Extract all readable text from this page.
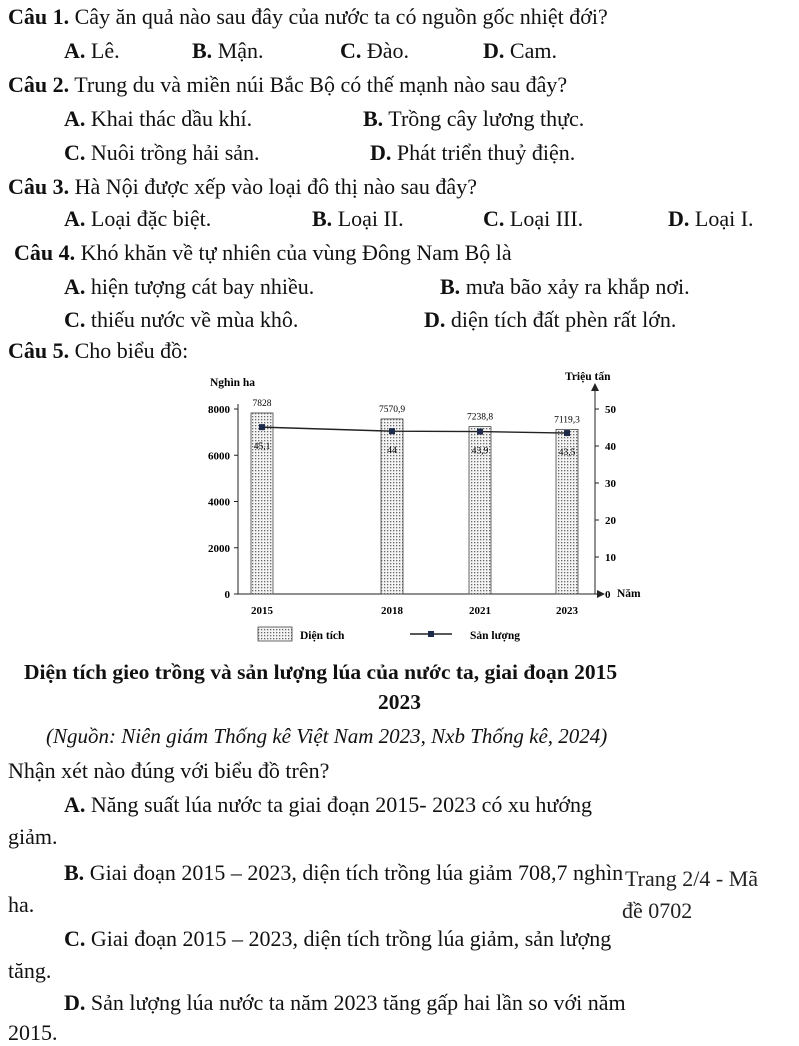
Câu 1. Cây ăn quả nào sau đây của nước ta có nguồn gốc nhiệt đới?
A. Lê.	B. Mận.	C. Đào.	D. Cam.
Câu 2. Trung du và miền núi Bắc Bộ có thế mạnh nào sau đây?
A. Khai thác dầu khí.	B. Trồng cây lương thực.
C. Nuôi trồng hải sản.	D. Phát triển thuỷ điện.
Câu 3. Hà Nội được xếp vào loại đô thị nào sau đây?
A. Loại đặc biệt.	B. Loại II.	C. Loại III.	D. Loại I.
Câu 4. Khó khăn về tự nhiên của vùng Đông Nam Bộ là
A. hiện tượng cát bay nhiều.	B. mưa bão xảy ra khắp nơi.
C. thiếu nước về mùa khô.	D. diện tích đất phèn rất lớn.
Câu 5. Cho biểu đồ:
Nghìn ha	Triệu tấn
0
2000
4000
6000
8000
0
10
20
30
40
50
Năm
7828
2015
7570,9
2018
7238,8
2021
7119,3
2023
45,1	44	43,9	43,5
Diện tích	Sản lượng
Diện tích gieo trồng và sản lượng lúa của nước ta, giai đoạn 2015
2023
(Nguồn: Niên giám Thống kê Việt Nam 2023, Nxb Thống kê, 2024)
Nhận xét nào đúng với biểu đồ trên?
A. Năng suất lúa nước ta giai đoạn 2015- 2023 có xu hướng
giảm.
B. Giai đoạn 2015 – 2023, diện tích trồng lúa giảm 708,7 nghìn
ha.
Trang 2/4 - Mã
đề 0702
C. Giai đoạn 2015 – 2023, diện tích trồng lúa giảm, sản lượng
tăng.
D. Sản lượng lúa nước ta năm 2023 tăng gấp hai lần so với năm
2015.
